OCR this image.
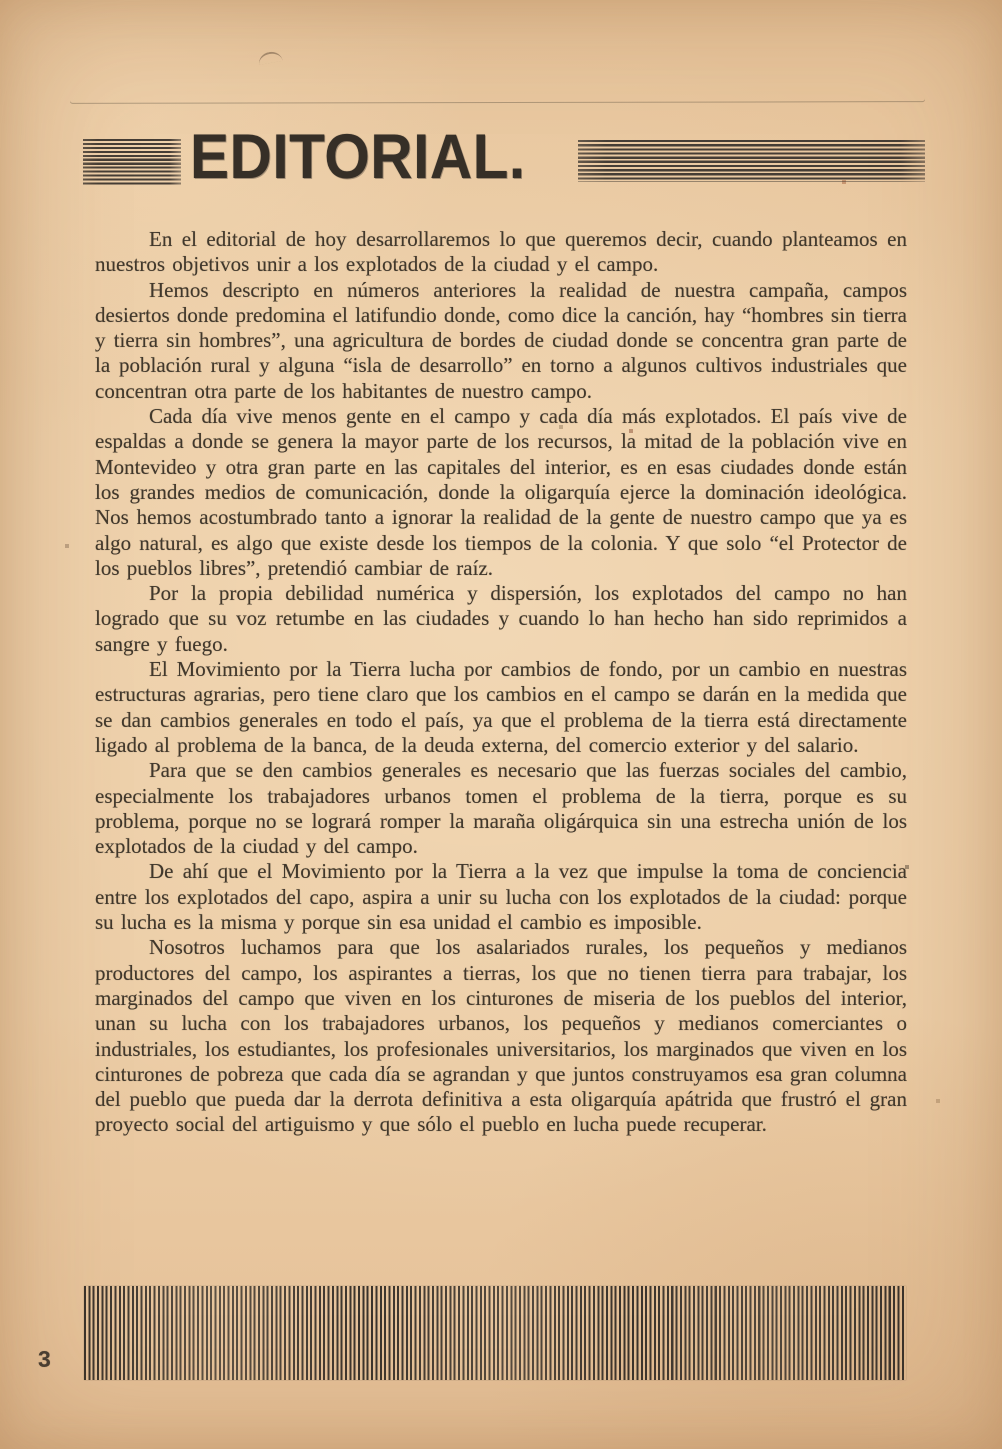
EDITORIAL.

En el editorial de hoy desarrollaremos lo que queremos decir, cuando planteamos en nuestros objetivos unir a los explotados de la ciudad y el campo.

Hemos descripto en números anteriores la realidad de nuestra campaña, campos desiertos donde predomina el latifundio donde, como dice la canción, hay “hombres sin tierra y tierra sin hombres”, una agricultura de bordes de ciudad donde se concentra gran parte de la población rural y alguna “isla de desarrollo” en torno a algunos cultivos industriales que concentran otra parte de los habitantes de nuestro campo.

Cada día vive menos gente en el campo y cada día más explotados. El país vive de espaldas a donde se genera la mayor parte de los recursos, la mitad de la población vive en Montevideo y otra gran parte en las capitales del interior, es en esas ciudades donde están los grandes medios de comunicación, donde la oligarquía ejerce la dominación ideológica. Nos hemos acostumbrado tanto a ignorar la realidad de la gente de nuestro campo que ya es algo natural, es algo que existe desde los tiempos de la colonia. Y que solo “el Protector de los pueblos libres”, pretendió cambiar de raíz.

Por la propia debilidad numérica y dispersión, los explotados del campo no han logrado que su voz retumbe en las ciudades y cuando lo han hecho han sido reprimidos a sangre y fuego.

El Movimiento por la Tierra lucha por cambios de fondo, por un cambio en nuestras estructuras agrarias, pero tiene claro que los cambios en el campo se darán en la medida que se dan cambios generales en todo el país, ya que el problema de la tierra está directamente ligado al problema de la banca, de la deuda externa, del comercio exterior y del salario.

Para que se den cambios generales es necesario que las fuerzas sociales del cambio, especialmente los trabajadores urbanos tomen el problema de la tierra, porque es su problema, porque no se logrará romper la maraña oligárquica sin una estrecha unión de los explotados de la ciudad y del campo.

De ahí que el Movimiento por la Tierra a la vez que impulse la toma de conciencia entre los explotados del capo, aspira a unir su lucha con los explotados de la ciudad: porque su lucha es la misma y porque sin esa unidad el cambio es imposible.

Nosotros luchamos para que los asalariados rurales, los pequeños y medianos productores del campo, los aspirantes a tierras, los que no tienen tierra para trabajar, los marginados del campo que viven en los cinturones de miseria de los pueblos del interior, unan su lucha con los trabajadores urbanos, los pequeños y medianos comerciantes o industriales, los estudiantes, los profesionales universitarios, los marginados que viven en los cinturones de pobreza que cada día se agrandan y que juntos construyamos esa gran columna del pueblo que pueda dar la derrota definitiva a esta oligarquía apátrida que frustró el gran proyecto social del artiguismo y que sólo el pueblo en lucha puede recuperar.

3
